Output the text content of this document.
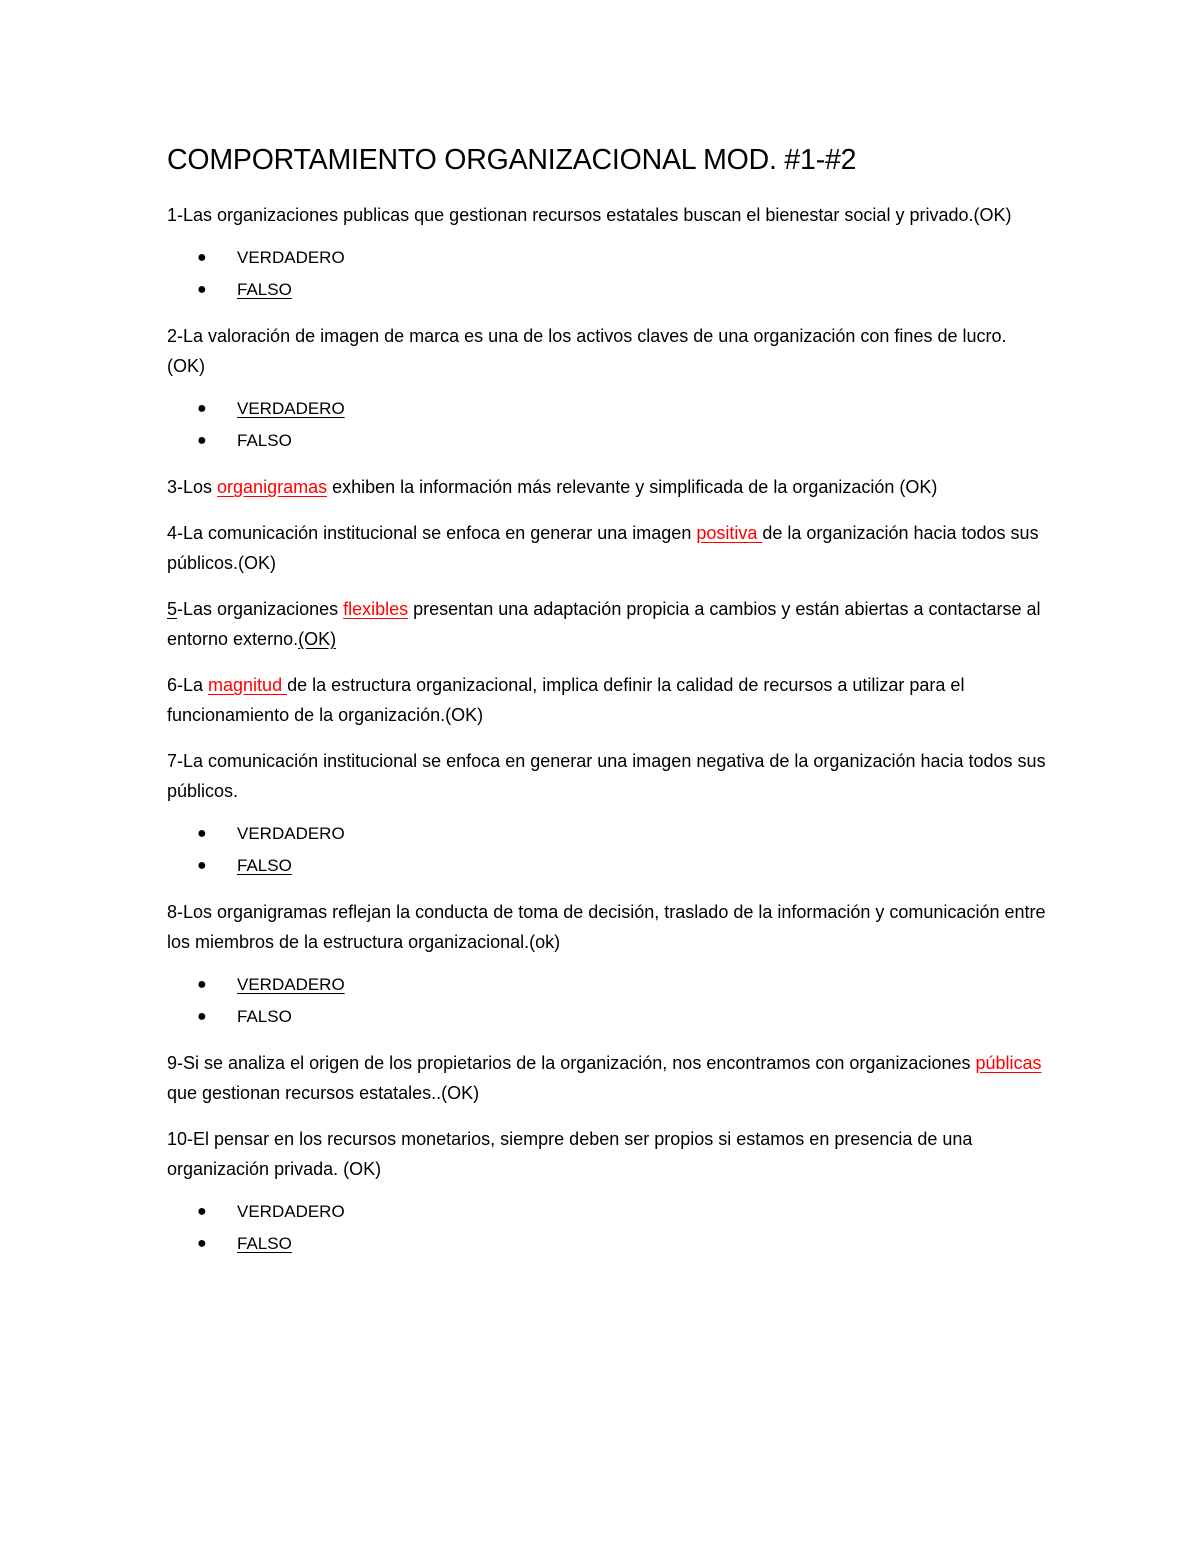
COMPORTAMIENTO ORGANIZACIONAL MOD. #1-#2

1-Las organizaciones publicas que gestionan recursos estatales buscan el bienestar social y privado.(OK)

● VERDADERO
● FALSO

2-La valoración de imagen de marca es una de los activos claves de una organización con fines de lucro. (OK)

● VERDADERO
● FALSO

3-Los organigramas exhiben la información más relevante y simplificada de la organización (OK)

4-La comunicación institucional se enfoca en generar una imagen positiva de la organización hacia todos sus públicos.(OK)

5-Las organizaciones flexibles presentan una adaptación propicia a cambios y están abiertas a contactarse al entorno externo.(OK)

6-La magnitud de la estructura organizacional, implica definir la calidad de recursos a utilizar para el funcionamiento de la organización.(OK)

7-La comunicación institucional se enfoca en generar una imagen negativa de la organización hacia todos sus públicos.

● VERDADERO
● FALSO

8-Los organigramas reflejan la conducta de toma de decisión, traslado de la información y comunicación entre los miembros de la estructura organizacional.(ok)

● VERDADERO
● FALSO

9-Si se analiza el origen de los propietarios de la organización, nos encontramos con organizaciones públicas que gestionan recursos estatales..(OK)

10-El pensar en los recursos monetarios, siempre deben ser propios si estamos en presencia de una organización privada. (OK)

● VERDADERO
● FALSO
